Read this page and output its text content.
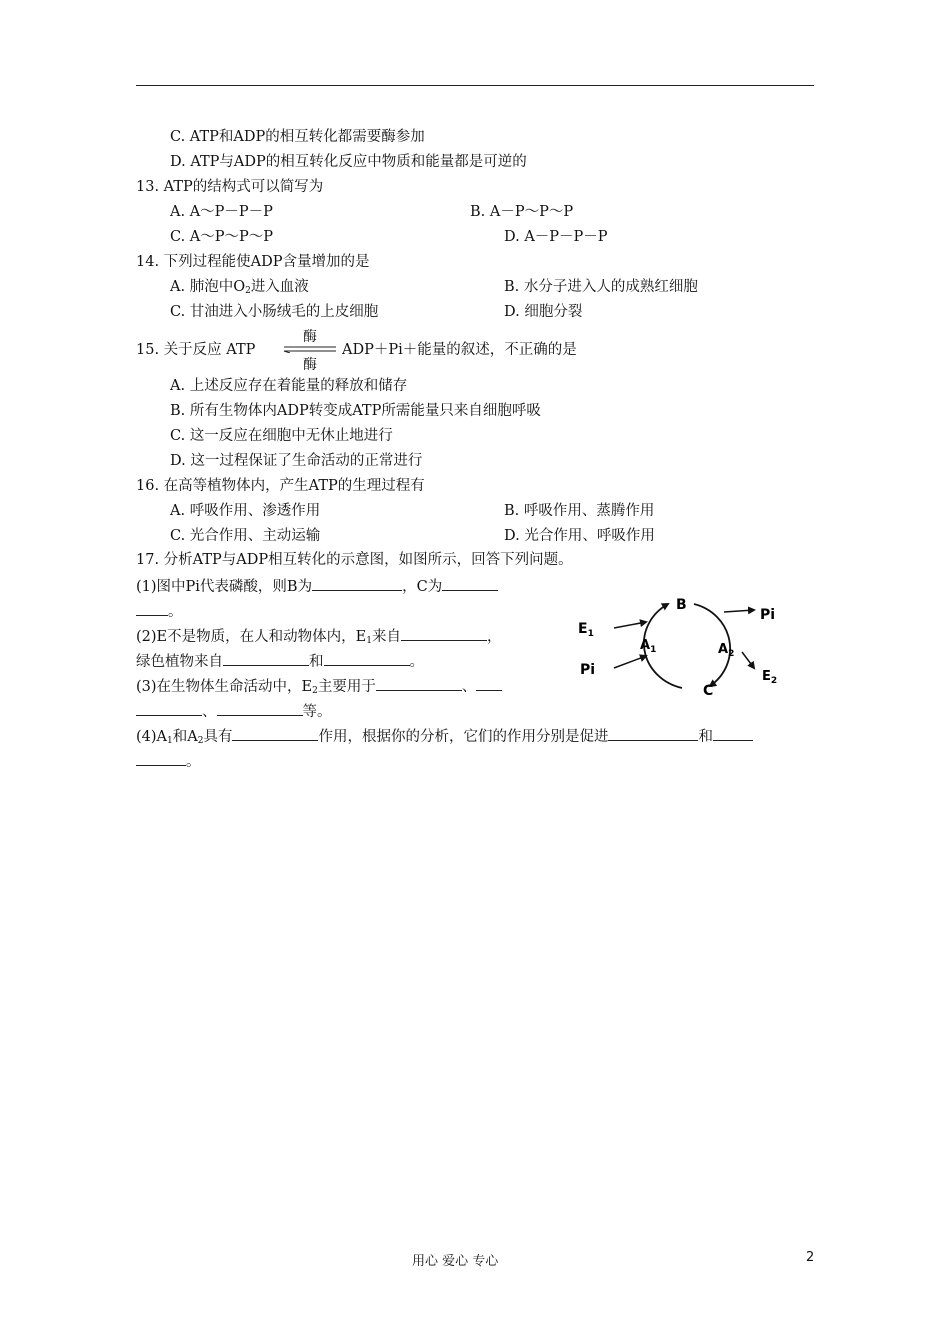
C. ATP和ADP的相互转化都需要酶参加
D. ATP与ADP的相互转化反应中物质和能量都是可逆的
13. ATP的结构式可以简写为
A. A～P－P－P	B. A－P～P～P
C. A～P～P～P	D. A－P－P－P
14. 下列过程能使ADP含量增加的是
A. 肺泡中$O_2$进入血液	B. 水分子进入人的成熟红细胞
C. 甘油进入小肠绒毛的上皮细胞	D. 细胞分裂
15. 关于反应 ATP
酶
酶
ADP＋Pi＋能量的叙述，不正确的是
A. 上述反应存在着能量的释放和储存
B. 所有生物体内ADP转变成ATP所需能量只来自细胞呼吸
C. 这一反应在细胞中无休止地进行
D. 这一过程保证了生命活动的正常进行
16. 在高等植物体内，产生ATP的生理过程有
A. 呼吸作用、渗透作用	B. 呼吸作用、蒸腾作用
C. 光合作用、主动运输	D. 光合作用、呼吸作用
17. 分析ATP与ADP相互转化的示意图，如图所示，回答下列问题。
(1)图中Pi代表磷酸，则B为	，C为
。
(2)E不是物质，在人和动物体内，$E_1$来自	，
绿色植物来自	和	。
(3)在生物体生命活动中，$E_2$主要用于	、
、	等。
$(4)A_1$和$A_2$具有	作用，根据你的分析，它们的作用分别是促进	和
。
B
C
$E_1$
Pi
Pi
$E_2$
$A_1$	$A_2$
用心 爱心 专心	2
